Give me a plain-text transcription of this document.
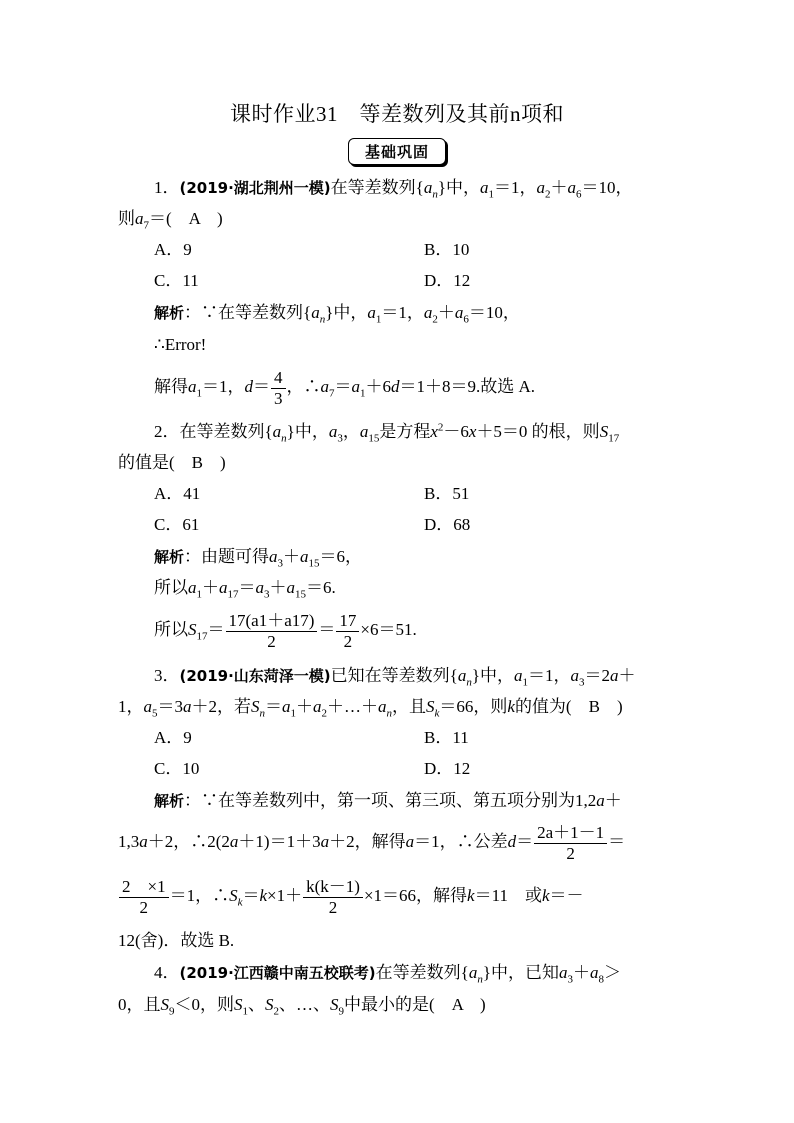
课时作业31　等差数列及其前n项和
基础巩固
1．(2019·湖北荆州一模)在等差数列$\{a_n\}$中，$a_1=1$，$a_2+a_6=10$，
则$a_7=$(　A　)
A．9	B．10
C．11	D．12
解析：∵在等差数列$\{a_n\}$中，$a_1=1$，$a_2+a_6=10$，
∴Error!
解得$a_1=1$，$d= \frac{4}{3}$ ，$\therefore a_7=a_1+6d=1+8=9$.故选 A.
2．在等差数列$\{a_n\}$中，$a_3$，$a_{15}$是方程$x^2-6x+5=0$ 的根，则$S_{17}$
的值是(　B　)
A．41	B．51
C．61	D．68
解析：由题可得$a_3+a_{15}=6$，
所以$a_1+a_{17}=a_3+a_{15}=6$.
所以$S_{17}= \frac{17(a1+a17)}{2} = \frac{17}{2} \times 6=51$.
3．(2019·山东菏泽一模)已知在等差数列$\{a_n\}$中，$a_1=1$，$a_3=2a+$
1，$a_5=3a+2$，若$S_n=a_1+a_2+\dots+a_n$，且$S_k=66$，则k的值为(　B　)
A．9	B．11
C．10	D．12
解析：∵在等差数列中，第一项、第三项、第五项分别为1,2a＋
1,3a＋2，∴2(2a＋1)＝1＋3a＋2，解得a＝1，∴公差$d= \frac{2a+1-1}{2}$ ＝
$\frac{2 \times 1}{2} =1$，$\therefore S_k=k\times 1+ \frac{k(k-1)}{2} \times 1=66$，解得k＝11　或k＝－
12(舍)．故选 B.
4．(2019·江西赣中南五校联考)在等差数列$\{a_n\}$中，已知$a_3+a_8>$
0，且$S_9<0$，则$S_1$、$S_2$、…、$S_9$中最小的是(　A　)
